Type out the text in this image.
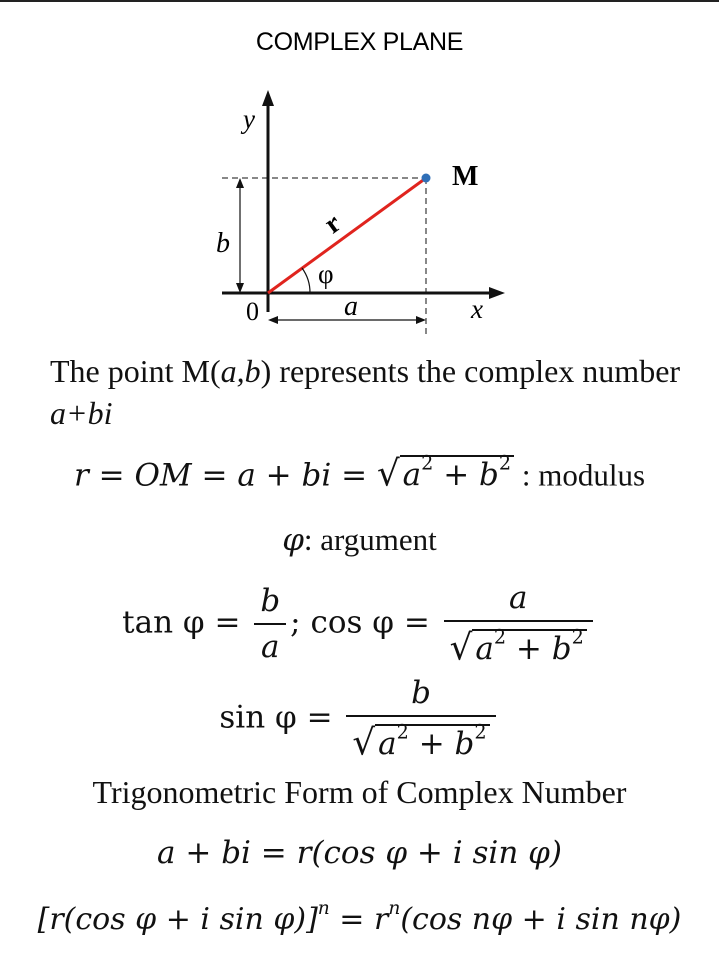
COMPLEX PLANE
y
x
0
M
r
b
a
φ
The point M(a,b) represents the complex number a+bi
r = OM = a + bi = $√a^2 + b^2$ : modulus
φ: argument
$\tan \varphi = \frac{b}{a}$ ; $\cos \varphi = \frac{a}{√a^2 + b^2}$
$\sin \varphi = \frac{b}{√a^2 + b^2}$
Trigonometric Form of Complex Number
a + bi = r(cos φ + i sin φ)
[r(cos φ + i $\sin \varphi)]^n = r^n(\cos$ nφ + i sin nφ)
